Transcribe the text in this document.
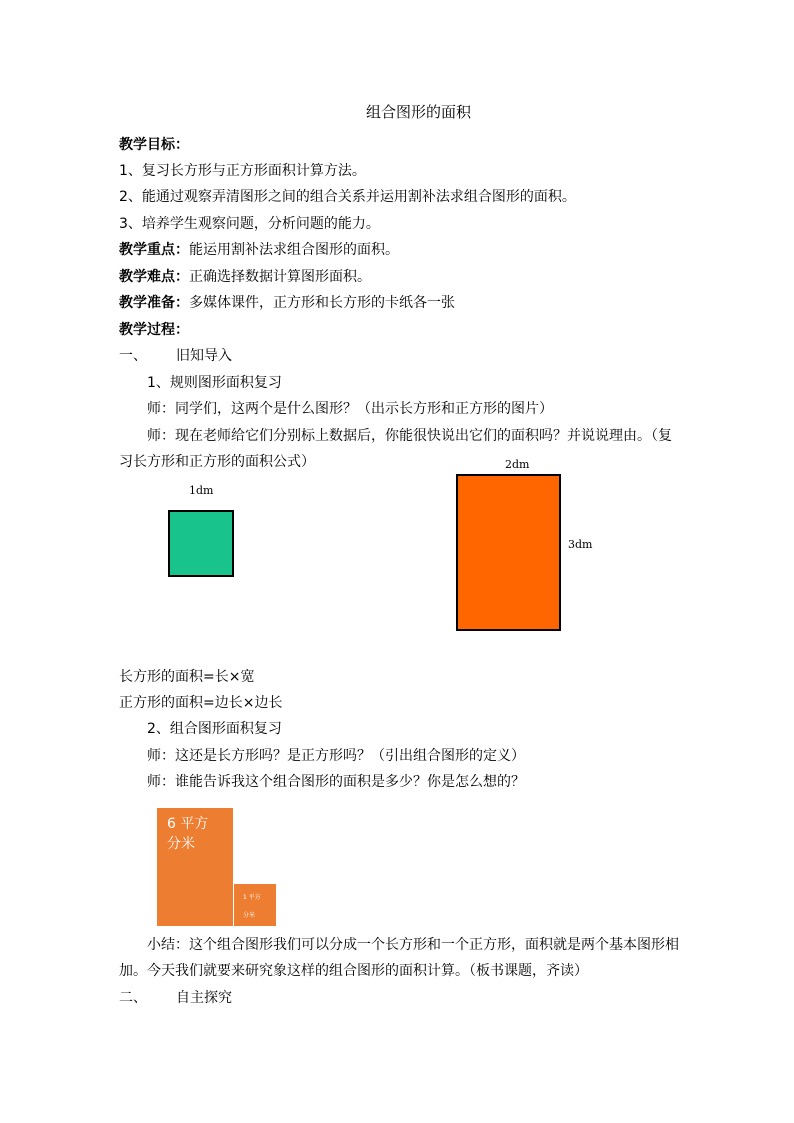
组合图形的面积
教学目标：
1、复习长方形与正方形面积计算方法。
2、能通过观察弄清图形之间的组合关系并运用割补法求组合图形的面积。
3、培养学生观察问题，分析问题的能力。
教学重点：能运用割补法求组合图形的面积。
教学难点：正确选择数据计算图形面积。
教学准备：多媒体课件，正方形和长方形的卡纸各一张
教学过程：
一、 旧知导入
1、规则图形面积复习
师：同学们，这两个是什么图形？（出示长方形和正方形的图片）
师：现在老师给它们分别标上数据后，你能很快说出它们的面积吗？并说说理由。（复
习长方形和正方形的面积公式）	2dm
1dm
3dm
长方形的面积=长×宽
正方形的面积=边长×边长
2、组合图形面积复习
师：这还是长方形吗？是正方形吗？（引出组合图形的定义）
师：谁能告诉我这个组合图形的面积是多少？你是怎么想的？
6 平方
分米
1 平方
分米
小结：这个组合图形我们可以分成一个长方形和一个正方形，面积就是两个基本图形相
加。今天我们就要来研究象这样的组合图形的面积计算。（板书课题，齐读）
二、 自主探究
